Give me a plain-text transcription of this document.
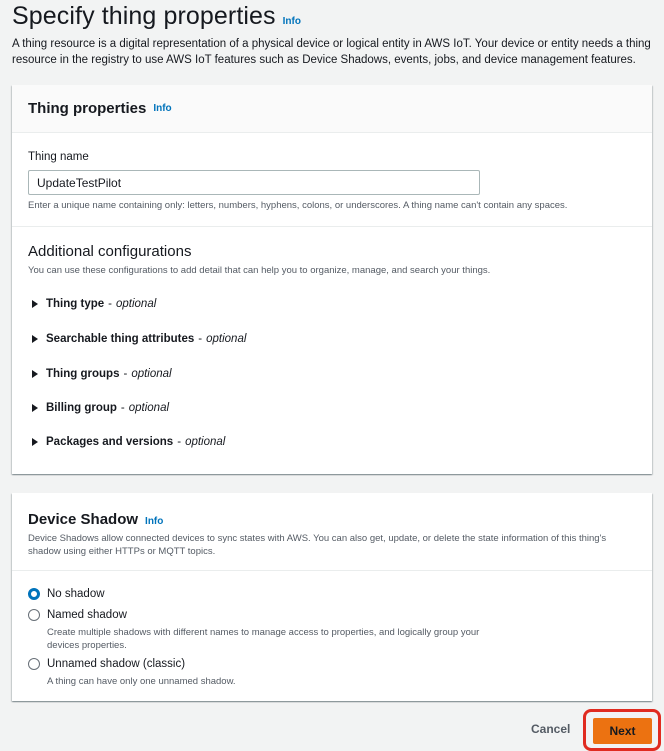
Specify thing properties Info

A thing resource is a digital representation of a physical device or logical entity in AWS IoT. Your device or entity needs a thing resource in the registry to use AWS IoT features such as Device Shadows, events, jobs, and device management features.

Thing properties Info
Thing name
UpdateTestPilot
Enter a unique name containing only: letters, numbers, hyphens, colons, or underscores. A thing name can't contain any spaces.
Additional configurations
You can use these configurations to add detail that can help you to organize, manage, and search your things.
Thing type - optional
Searchable thing attributes - optional
Thing groups - optional
Billing group - optional
Packages and versions - optional
Device Shadow Info
Device Shadows allow connected devices to sync states with AWS. You can also get, update, or delete the state information of this thing's shadow using either HTTPs or MQTT topics.
No shadow
Named shadow
Create multiple shadows with different names to manage access to properties, and logically group your devices properties.
Unnamed shadow (classic)
A thing can have only one unnamed shadow.
Cancel	Next
